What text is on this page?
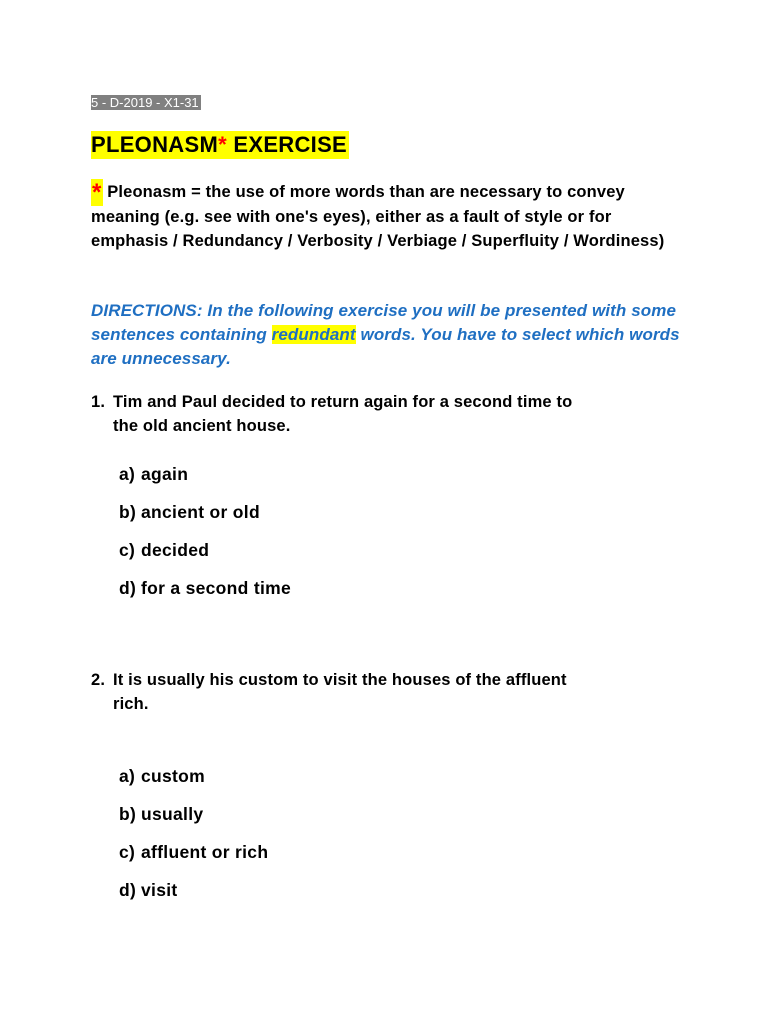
5 - D-2019 - X1-31
PLEONASM* EXERCISE
* Pleonasm = the use of more words than are necessary to convey meaning (e.g. see with one's eyes), either as a fault of style or for emphasis / Redundancy / Verbosity / Verbiage / Superfluity / Wordiness)
DIRECTIONS: In the following exercise you will be presented with some sentences containing redundant words. You have to select which words are unnecessary.
1. Tim and Paul decided to return again for a second time to
the old ancient house.
a) again
b) ancient or old
c) decided
d) for a second time
2. It is usually his custom to visit the houses of the affluent
rich.
a) custom
b) usually
c) affluent or rich
d) visit
